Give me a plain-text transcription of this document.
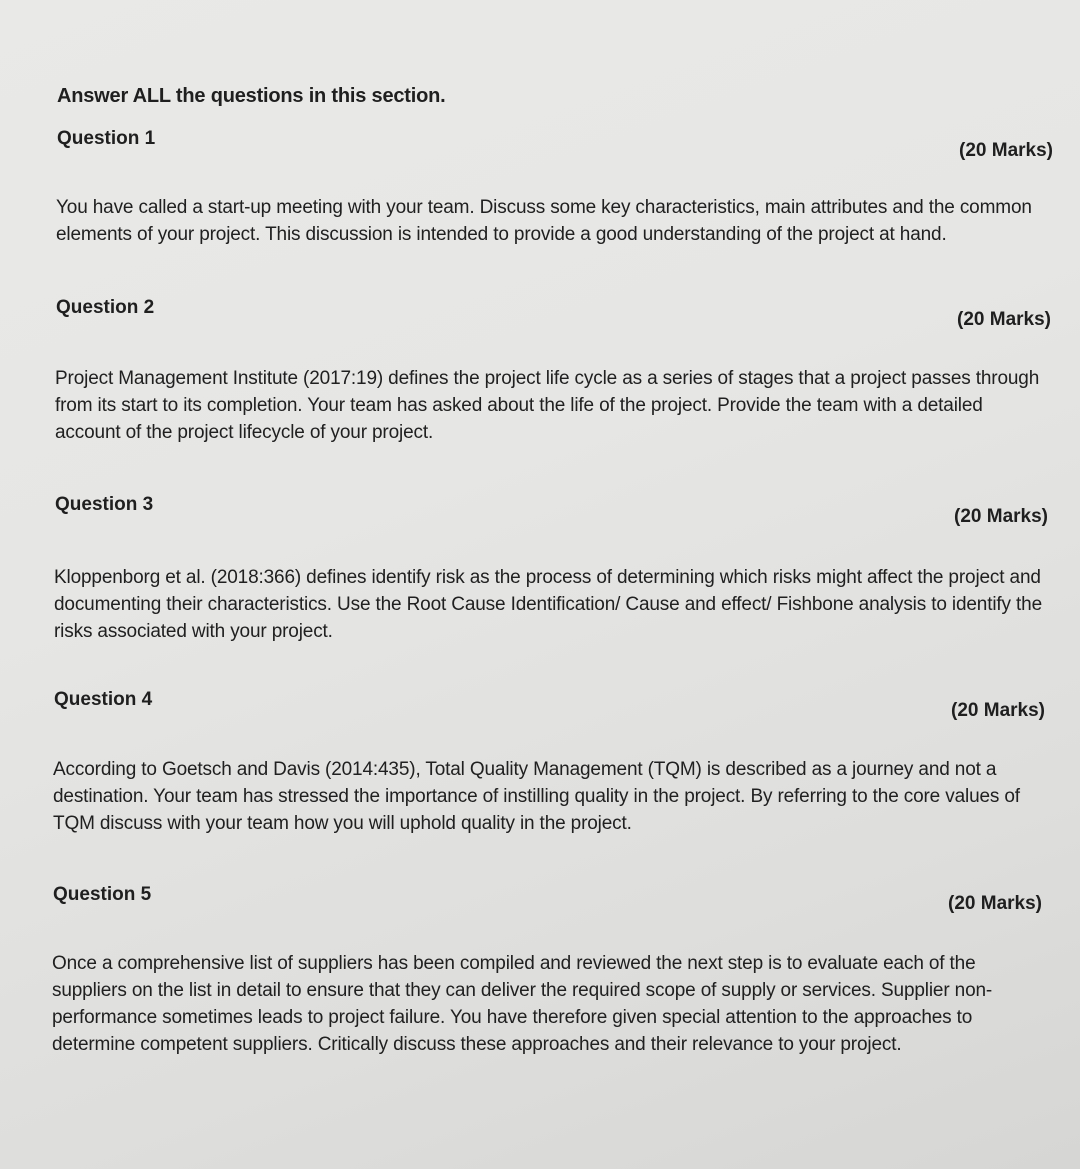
Answer ALL the questions in this section.
Question 1
(20 Marks)
You have called a start-up meeting with your team. Discuss some key characteristics, main attributes and the common elements of your project. This discussion is intended to provide a good understanding of the project at hand.
Question 2
(20 Marks)
Project Management Institute (2017:19) defines the project life cycle as a series of stages that a project passes through from its start to its completion. Your team has asked about the life of the project. Provide the team with a detailed account of the project lifecycle of your project.
Question 3
(20 Marks)
Kloppenborg et al. (2018:366) defines identify risk as the process of determining which risks might affect the project and documenting their characteristics. Use the Root Cause Identification/ Cause and effect/ Fishbone analysis to identify the risks associated with your project.
Question 4
(20 Marks)
According to Goetsch and Davis (2014:435), Total Quality Management (TQM) is described as a journey and not a destination. Your team has stressed the importance of instilling quality in the project. By referring to the core values of TQM discuss with your team how you will uphold quality in the project.
Question 5	(20 Marks)
Once a comprehensive list of suppliers has been compiled and reviewed the next step is to evaluate each of the suppliers on the list in detail to ensure that they can deliver the required scope of supply or services. Supplier non-performance sometimes leads to project failure. You have therefore given special attention to the approaches to determine competent suppliers. Critically discuss these approaches and their relevance to your project.
